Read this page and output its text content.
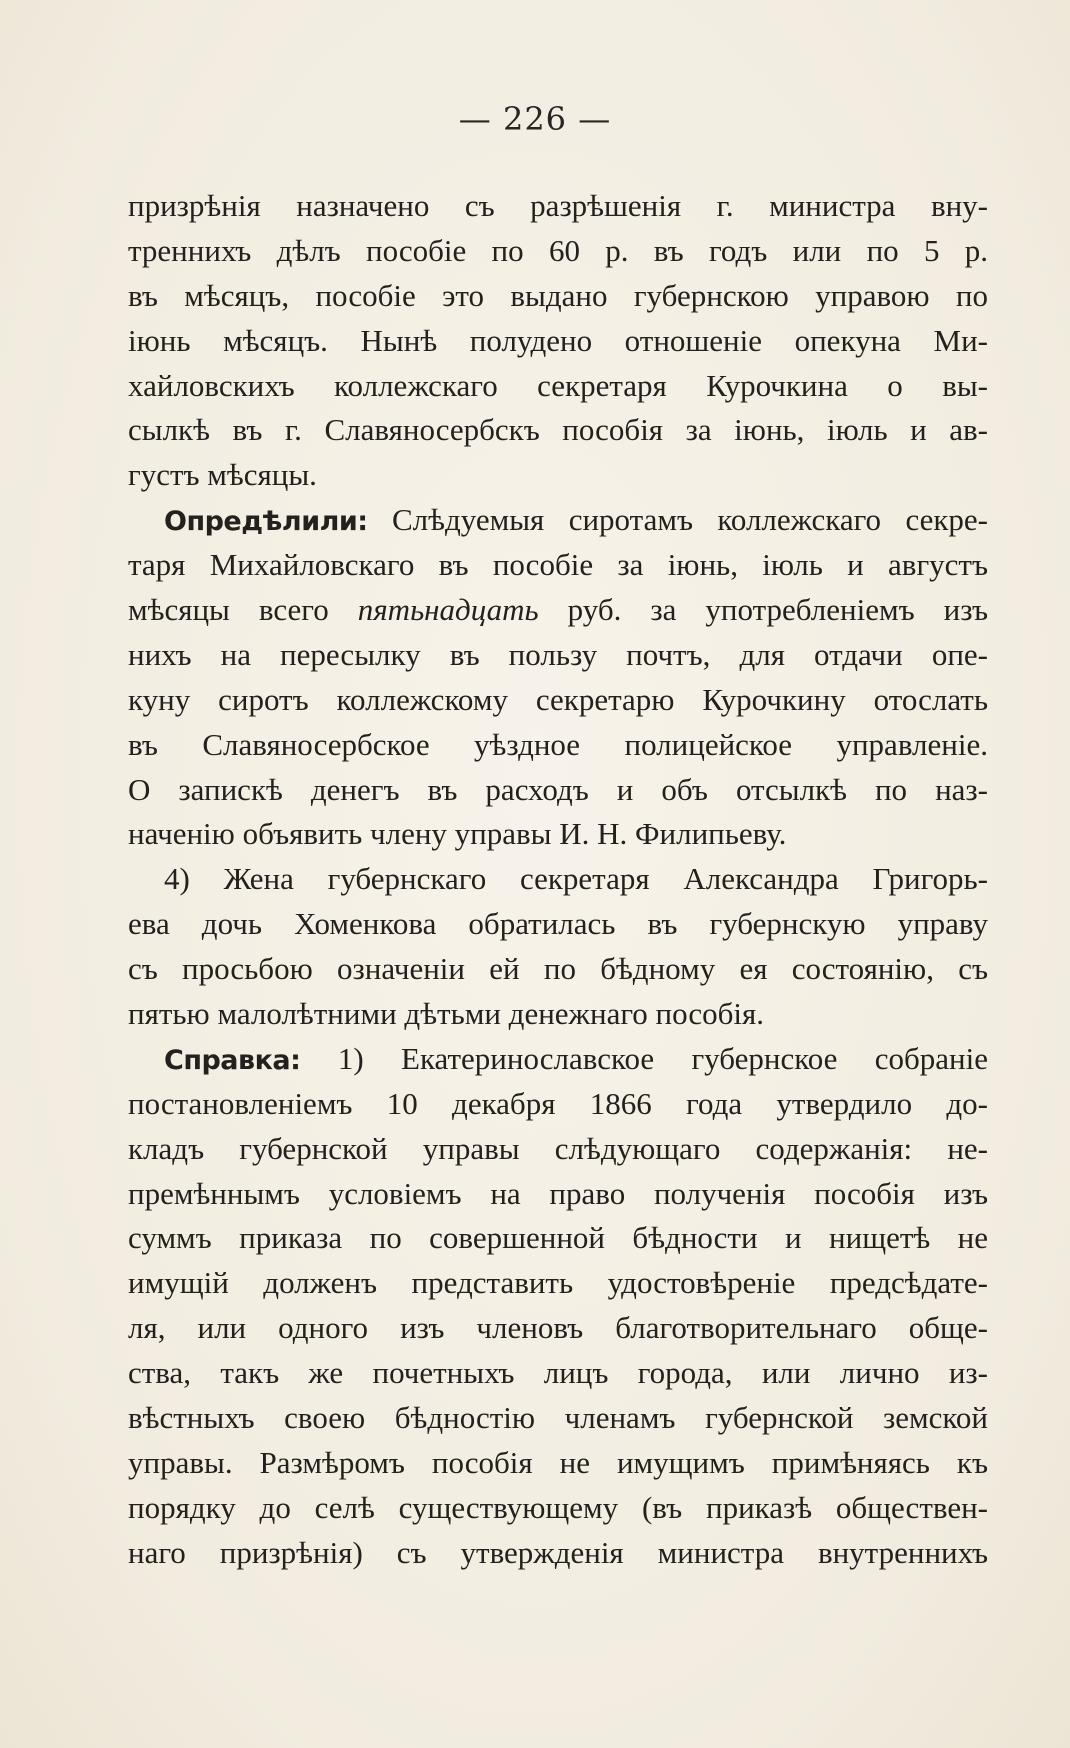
— 226 —
призрѣнія назначено съ разрѣшенія г. министра вну-
треннихъ дѣлъ пособіе по 60 р. въ годъ или по 5 р.
въ мѣсяцъ, пособіе это выдано губернскою управою по
іюнь мѣсяцъ. Нынѣ полудено отношеніе опекуна Ми-
хайловскихъ коллежскаго секретаря Курочкина о вы-
сылкѣ въ г. Славяносербскъ пособія за іюнь, іюль и ав-
густъ мѣсяцы.
Опредѣлили: Слѣдуемыя сиротамъ коллежскаго секре-
таря Михайловскаго въ пособіе за іюнь, іюль и августъ
мѣсяцы всего пятьнадцать руб. за употребленіемъ изъ
нихъ на пересылку въ пользу почтъ, для отдачи опе-
куну сиротъ коллежскому секретарю Курочкину отослать
въ Славяносербское уѣздное полицейское управленіе.
О запискѣ денегъ въ расходъ и объ отсылкѣ по наз-
наченію объявить члену управы И. Н. Филипьеву.
4) Жена губернскаго секретаря Александра Григорь-
ева дочь Хоменкова обратилась въ губернскую управу
съ просьбою означеніи ей по бѣдному ея состоянію, съ
пятью малолѣтними дѣтьми денежнаго пособія.
Справка: 1) Екатеринославское губернское собраніе
постановленіемъ 10 декабря 1866 года утвердило до-
кладъ губернской управы слѣдующаго содержанія: не-
премѣннымъ условіемъ на право полученія пособія изъ
суммъ приказа по совершенной бѣдности и нищетѣ не
имущій долженъ представить удостовѣреніе предсѣдате-
ля, или одного изъ членовъ благотворительнаго обще-
ства, такъ же почетныхъ лицъ города, или лично из-
вѣстныхъ своею бѣдностію членамъ губернской земской
управы. Размѣромъ пособія не имущимъ примѣняясь къ
порядку до селѣ существующему (въ приказѣ обществен-
наго призрѣнія) съ утвержденія министра внутреннихъ
